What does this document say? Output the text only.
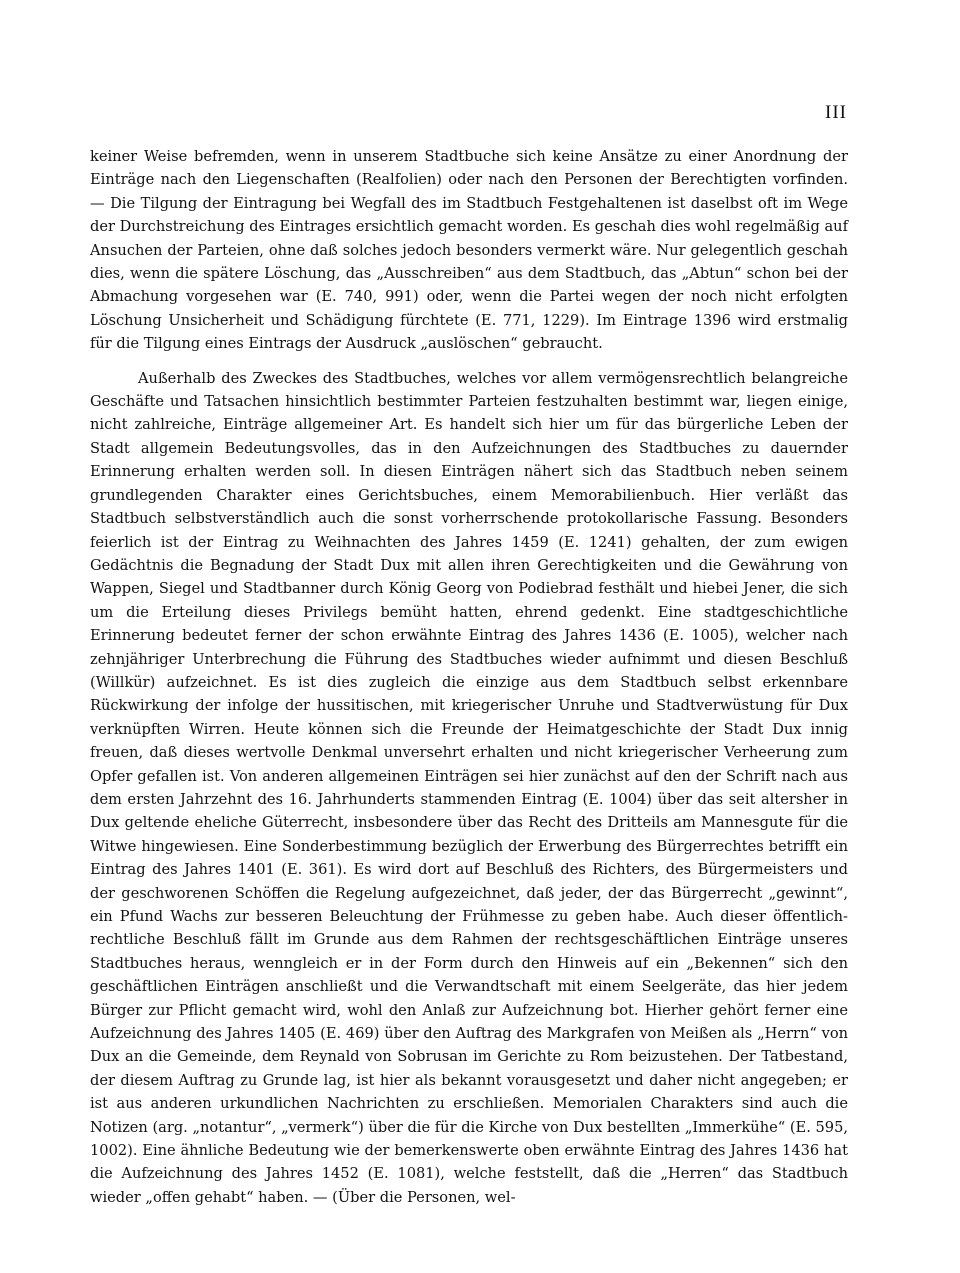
III

keiner Weise befremden, wenn in unserem Stadtbuche sich keine Ansätze zu einer Anordnung der Einträge nach den Liegenschaften (Realfolien) oder nach den Personen der Berechtigten vorfinden. — Die Tilgung der Eintragung bei Wegfall des im Stadtbuch Festgehaltenen ist daselbst oft im Wege der Durchstreichung des Eintrages ersichtlich gemacht worden. Es geschah dies wohl regelmäßig auf Ansuchen der Parteien, ohne daß solches jedoch besonders vermerkt wäre. Nur gelegentlich geschah dies, wenn die spätere Löschung, das „Ausschreiben“ aus dem Stadtbuch, das „Abtun“ schon bei der Abmachung vorgesehen war (E. 740, 991) oder, wenn die Partei wegen der noch nicht erfolgten Löschung Unsicherheit und Schädigung fürchtete (E. 771, 1229). Im Eintrage 1396 wird erstmalig für die Tilgung eines Eintrags der Ausdruck „auslöschen“ gebraucht.

Außerhalb des Zweckes des Stadtbuches, welches vor allem vermögensrechtlich belangreiche Geschäfte und Tatsachen hinsichtlich bestimmter Parteien festzuhalten bestimmt war, liegen einige, nicht zahlreiche, Einträge allgemeiner Art. Es handelt sich hier um für das bürgerliche Leben der Stadt allgemein Bedeutungsvolles, das in den Aufzeichnungen des Stadtbuches zu dauernder Erinnerung erhalten werden soll. In diesen Einträgen nähert sich das Stadtbuch neben seinem grundlegenden Charakter eines Gerichtsbuches, einem Memorabilienbuch. Hier verläßt das Stadtbuch selbstverständlich auch die sonst vorherrschende protokollarische Fassung. Besonders feierlich ist der Eintrag zu Weihnachten des Jahres 1459 (E. 1241) gehalten, der zum ewigen Gedächtnis die Begnadung der Stadt Dux mit allen ihren Gerechtigkeiten und die Gewährung von Wappen, Siegel und Stadtbanner durch König Georg von Podiebrad festhält und hiebei Jener, die sich um die Erteilung dieses Privilegs bemüht hatten, ehrend gedenkt. Eine stadtgeschichtliche Erinnerung bedeutet ferner der schon erwähnte Eintrag des Jahres 1436 (E. 1005), welcher nach zehnjähriger Unterbrechung die Führung des Stadtbuches wieder aufnimmt und diesen Beschluß (Willkür) aufzeichnet. Es ist dies zugleich die einzige aus dem Stadtbuch selbst erkennbare Rückwirkung der infolge der hussitischen, mit kriegerischer Unruhe und Stadtverwüstung für Dux verknüpften Wirren. Heute können sich die Freunde der Heimatgeschichte der Stadt Dux innig freuen, daß dieses wertvolle Denkmal unversehrt erhalten und nicht kriegerischer Verheerung zum Opfer gefallen ist. Von anderen allgemeinen Einträgen sei hier zunächst auf den der Schrift nach aus dem ersten Jahrzehnt des 16. Jahrhunderts stammenden Eintrag (E. 1004) über das seit altersher in Dux geltende eheliche Güterrecht, insbesondere über das Recht des Dritteils am Mannesgute für die Witwe hingewiesen. Eine Sonderbestimmung bezüglich der Erwerbung des Bürgerrechtes betrifft ein Eintrag des Jahres 1401 (E. 361). Es wird dort auf Beschluß des Richters, des Bürgermeisters und der geschworenen Schöffen die Regelung aufgezeichnet, daß jeder, der das Bürgerrecht „gewinnt“, ein Pfund Wachs zur besseren Beleuchtung der Frühmesse zu geben habe. Auch dieser öffentlich-rechtliche Beschluß fällt im Grunde aus dem Rahmen der rechtsgeschäftlichen Einträge unseres Stadtbuches heraus, wenngleich er in der Form durch den Hinweis auf ein „Bekennen“ sich den geschäftlichen Einträgen anschließt und die Verwandtschaft mit einem Seelgeräte, das hier jedem Bürger zur Pflicht gemacht wird, wohl den Anlaß zur Aufzeichnung bot. Hierher gehört ferner eine Aufzeichnung des Jahres 1405 (E. 469) über den Auftrag des Markgrafen von Meißen als „Herrn“ von Dux an die Gemeinde, dem Reynald von Sobrusan im Gerichte zu Rom beizustehen. Der Tatbestand, der diesem Auftrag zu Grunde lag, ist hier als bekannt vorausgesetzt und daher nicht angegeben; er ist aus anderen urkundlichen Nachrichten zu erschließen. Memorialen Charakters sind auch die Notizen (arg. „notantur“, „vermerk“) über die für die Kirche von Dux bestellten „Immerkühe“ (E. 595, 1002). Eine ähnliche Bedeutung wie der bemerkenswerte oben erwähnte Eintrag des Jahres 1436 hat die Aufzeichnung des Jahres 1452 (E. 1081), welche feststellt, daß die „Herren“ das Stadtbuch wieder „offen gehabt“ haben. — (Über die Personen, wel-
